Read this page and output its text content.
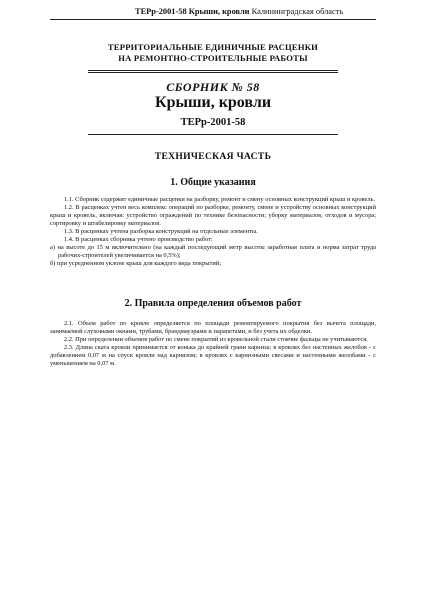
ТЕРр-2001-58 Крыши, кровли Калининградская область
ТЕРРИТОРИАЛЬНЫЕ ЕДИНИЧНЫЕ РАСЦЕНКИ
НА РЕМОНТНО-СТРОИТЕЛЬНЫЕ РАБОТЫ
СБОРНИК № 58
Крыши, кровли
ТЕРр-2001-58
ТЕХНИЧЕСКАЯ ЧАСТЬ
1. Общие указания

1.1. Сборник содержит единичные расценки на разборку, ремонт и смену основных конструкций крыш и кровель.

1.2. В расценках учтен весь комплекс операций по разборке, ремонту, смене и устройству основных конструкций крыш и кровель, включая: устройство ограждений по технике безопасности; уборку материалов, отходов и мусора; сортировку и штабелировку материалов.

1.3. В расценках учтена разборка конструкций на отдельные элементы.

1.4. В расценках сборника учтено производство работ:

а) на высоте до 15 м включительно (на каждый последующий метр высоты заработная плата и норма затрат труда рабочих-строителей увеличивается на 0,5%);

б) при усредненном уклоне крыш для каждого вида покрытий;

2. Правила определения объемов работ

2.1. Объем работ по кровле определяется по площади ремонтируемого покрытия без вычета площади, занимаемой слуховыми окнами, трубами, брандмауэрами и парапетами, и без учета их обделки.

2.2. При определении объемов работ по смене покрытий из кровельной стали стоячие фальцы не учитываются.

2.3. Длина ската кровли принимается от конька до крайней грани карниза; в кровлях без настенных желобов - с добавлением 0,07 м на спуск кровли над карнизом; в кровлях с карнизными свесами и настенными желобами - с уменьшением на 0,07 м.
